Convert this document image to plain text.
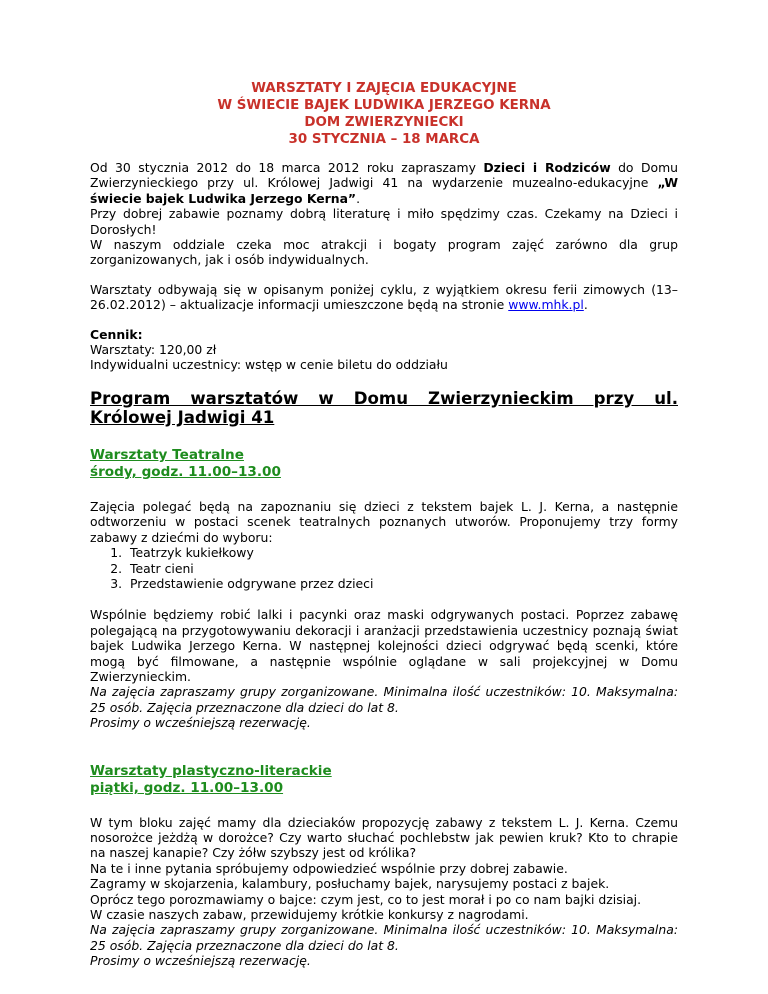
WARSZTATY I ZAJĘCIA EDUKACYJNE
W ŚWIECIE BAJEK LUDWIKA JERZEGO KERNA
DOM ZWIERZYNIECKI
30 STYCZNIA – 18 MARCA

Od 30 stycznia 2012 do 18 marca 2012 roku zapraszamy Dzieci i Rodziców do Domu Zwierzynieckiego przy ul. Królowej Jadwigi 41 na wydarzenie muzealno-edukacyjne „W świecie bajek Ludwika Jerzego Kerna”.

Przy dobrej zabawie poznamy dobrą literaturę i miło spędzimy czas. Czekamy na Dzieci i Dorosłych!

W naszym oddziale czeka moc atrakcji i bogaty program zajęć zarówno dla grup zorganizowanych, jak i osób indywidualnych.

Warsztaty odbywają się w opisanym poniżej cyklu, z wyjątkiem okresu ferii zimowych (13–26.02.2012) – aktualizacje informacji umieszczone będą na stronie www.mhk.pl.

Cennik:

Warsztaty: 120,00 zł

Indywidualni uczestnicy: wstęp w cenie biletu do oddziału

Program warsztatów w Domu Zwierzynieckim przy ul. Królowej Jadwigi 41
Warsztaty Teatralne
środy, godz. 11.00–13.00

Zajęcia polegać będą na zapoznaniu się dzieci z tekstem bajek L. J. Kerna, a następnie odtworzeniu w postaci scenek teatralnych poznanych utworów. Proponujemy trzy formy zabawy z dziećmi do wyboru:

1. Teatrzyk kukiełkowy
2. Teatr cieni
3. Przedstawienie odgrywane przez dzieci

Wspólnie będziemy robić lalki i pacynki oraz maski odgrywanych postaci. Poprzez zabawę polegającą na przygotowywaniu dekoracji i aranżacji przedstawienia uczestnicy poznają świat bajek Ludwika Jerzego Kerna. W następnej kolejności dzieci odgrywać będą scenki, które mogą być filmowane, a następnie wspólnie oglądane w sali projekcyjnej w Domu Zwierzynieckim.

Na zajęcia zapraszamy grupy zorganizowane. Minimalna ilość uczestników: 10. Maksymalna: 25 osób. Zajęcia przeznaczone dla dzieci do lat 8.

Prosimy o wcześniejszą rezerwację.

Warsztaty plastyczno-literackie
piątki, godz. 11.00–13.00

W tym bloku zajęć mamy dla dzieciaków propozycję zabawy z tekstem L. J. Kerna. Czemu nosorożce jeżdżą w dorożce? Czy warto słuchać pochlebstw jak pewien kruk? Kto to chrapie na naszej kanapie? Czy żółw szybszy jest od królika?

Na te i inne pytania spróbujemy odpowiedzieć wspólnie przy dobrej zabawie.

Zagramy w skojarzenia, kalambury, posłuchamy bajek, narysujemy postaci z bajek.

Oprócz tego porozmawiamy o bajce: czym jest, co to jest morał i po co nam bajki dzisiaj.

W czasie naszych zabaw, przewidujemy krótkie konkursy z nagrodami.

Na zajęcia zapraszamy grupy zorganizowane. Minimalna ilość uczestników: 10. Maksymalna: 25 osób. Zajęcia przeznaczone dla dzieci do lat 8.

Prosimy o wcześniejszą rezerwację.
